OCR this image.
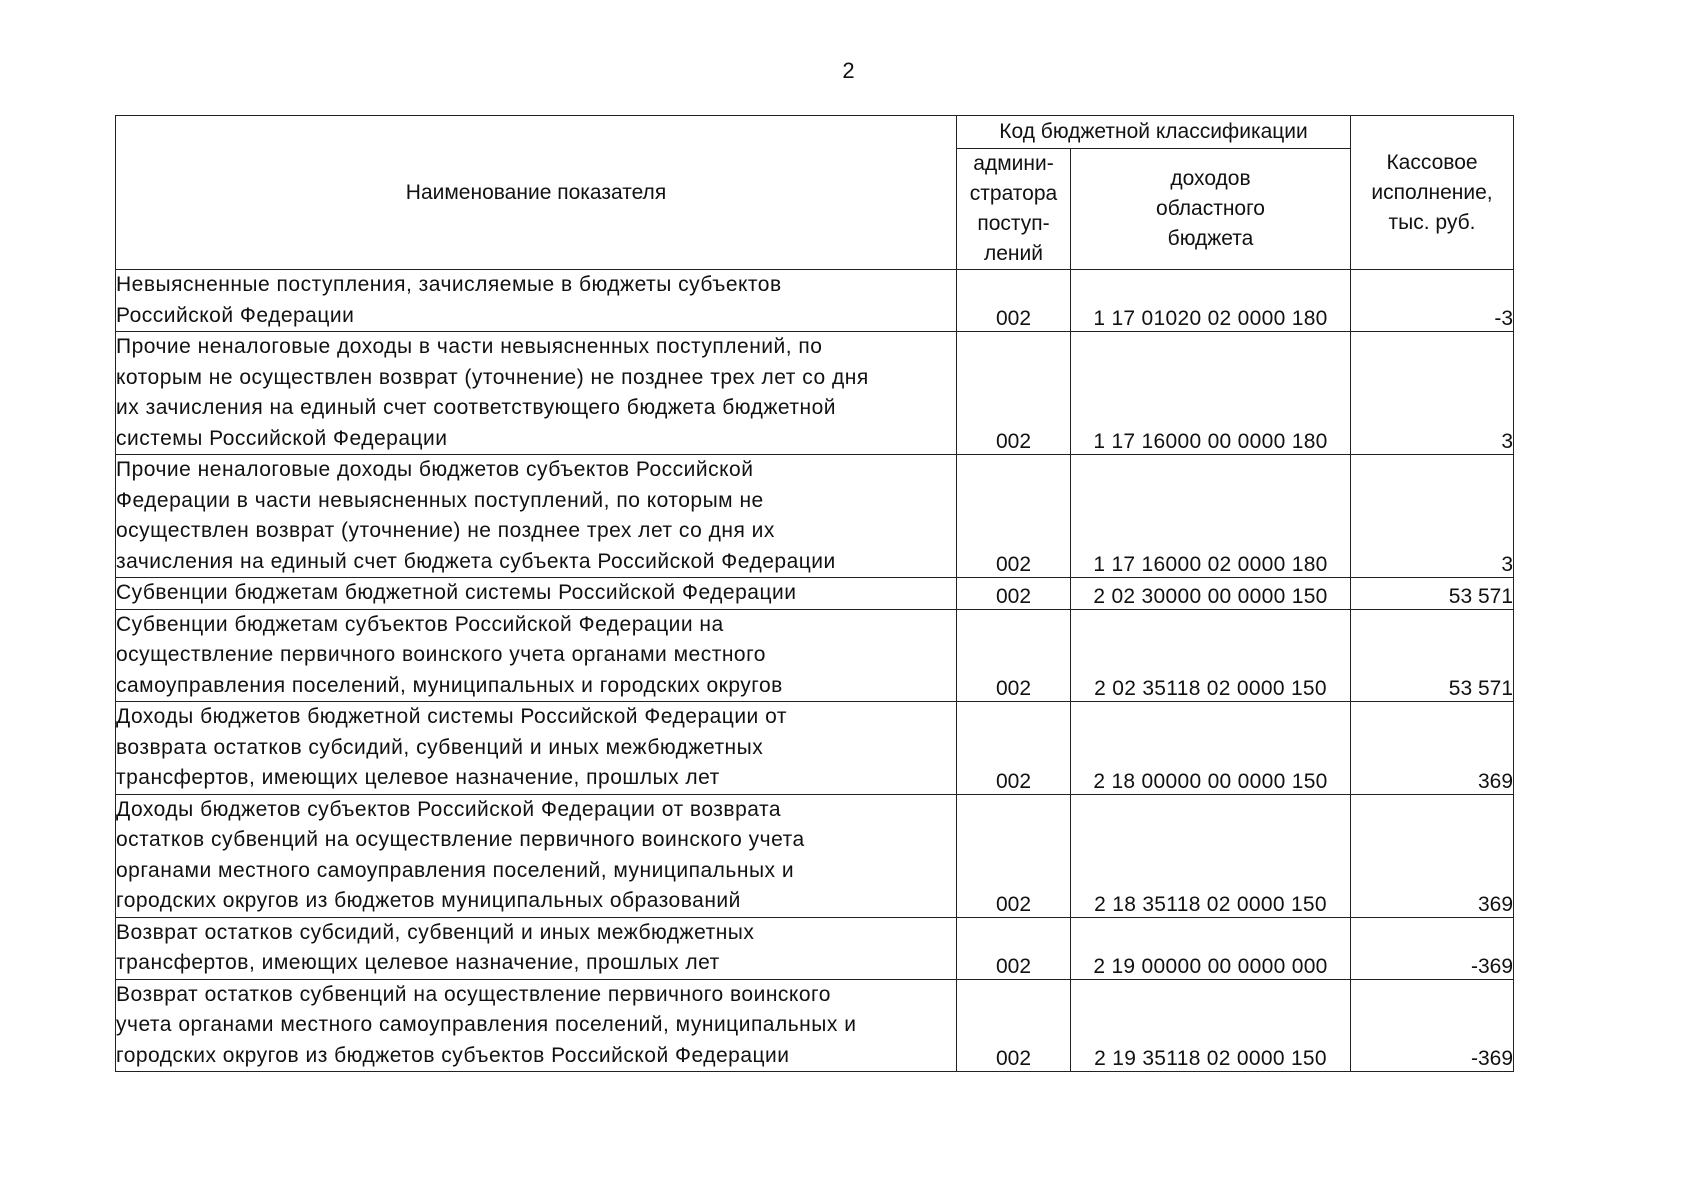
2
Наименование показателя	Код бюджетной классификации		Кассовое
исполнение,
тыс. руб.
	админи-
стратора
поступ-
лений	доходов
областного
бюджета	
Невыясненные поступления, зачисляемые в бюджеты субъектов
Российской Федерации	002	1 17 01020 02 0000 180	-3
Прочие неналоговые доходы в части невыясненных поступлений, по
которым не осуществлен возврат (уточнение) не позднее трех лет со дня
их зачисления на единый счет соответствующего бюджета бюджетной
системы Российской Федерации	002	1 17 16000 00 0000 180	3
Прочие неналоговые доходы бюджетов субъектов Российской
Федерации в части невыясненных поступлений, по которым не
осуществлен возврат (уточнение) не позднее трех лет со дня их
зачисления на единый счет бюджета субъекта Российской Федерации	002	1 17 16000 02 0000 180	3
Субвенции бюджетам бюджетной системы Российской Федерации	002	2 02 30000 00 0000 150	53 571
Субвенции бюджетам субъектов Российской Федерации на
осуществление первичного воинского учета органами местного
самоуправления поселений, муниципальных и городских округов	002	2 02 35118 02 0000 150	53 571
Доходы бюджетов бюджетной системы Российской Федерации от
возврата остатков субсидий, субвенций и иных межбюджетных
трансфертов, имеющих целевое назначение, прошлых лет	002	2 18 00000 00 0000 150	369
Доходы бюджетов субъектов Российской Федерации от возврата
остатков субвенций на осуществление первичного воинского учета
органами местного самоуправления поселений, муниципальных и
городских округов из бюджетов муниципальных образований	002	2 18 35118 02 0000 150	369
Возврат остатков субсидий, субвенций и иных межбюджетных
трансфертов, имеющих целевое назначение, прошлых лет	002	2 19 00000 00 0000 000	-369
Возврат остатков субвенций на осуществление первичного воинского
учета органами местного самоуправления поселений, муниципальных и
городских округов из бюджетов субъектов Российской Федерации	002	2 19 35118 02 0000 150	-369
